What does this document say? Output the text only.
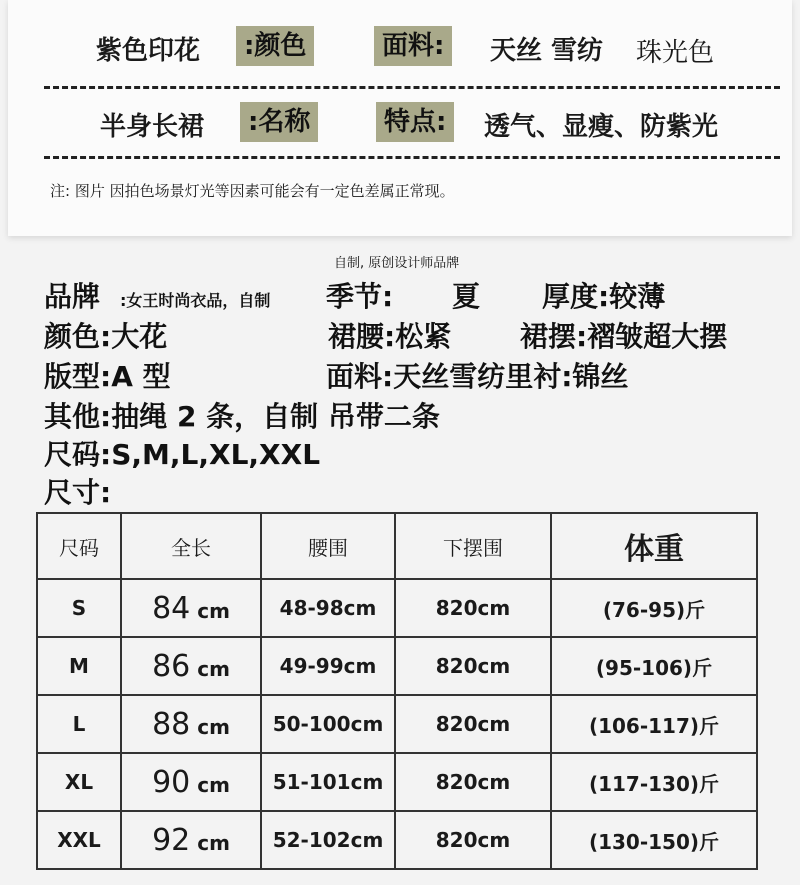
紫色印花	:颜色	面料:	天丝 雪纺 珠光色
半身长裙	:名称	特点:	透气、显瘦、防紫光
注: 图片 因拍色场景灯光等因素可能会有一定色差属正常现。
自制, 原创设计师品牌
品牌 :女王时尚衣品，自制 季节: 夏 厚度:较薄
颜色:大花	裙腰:松紧 裙摆:褶皱超大摆
版型:A 型	面料:天丝雪纺里衬:锦丝
其他:抽绳 2 条，自制 吊带二条
尺码:S,M,L,XL,XXL
尺寸:
尺码	全长	腰围	下摆围	体重
S	84 cm	48-98cm	820cm	(76-95)斤
M	86 cm	49-99cm	820cm	(95-106)斤
L	88 cm	50-100cm	820cm	(106-117)斤
XL	90 cm	51-101cm	820cm	(117-130)斤
XXL	92 cm	52-102cm	820cm	(130-150)斤
